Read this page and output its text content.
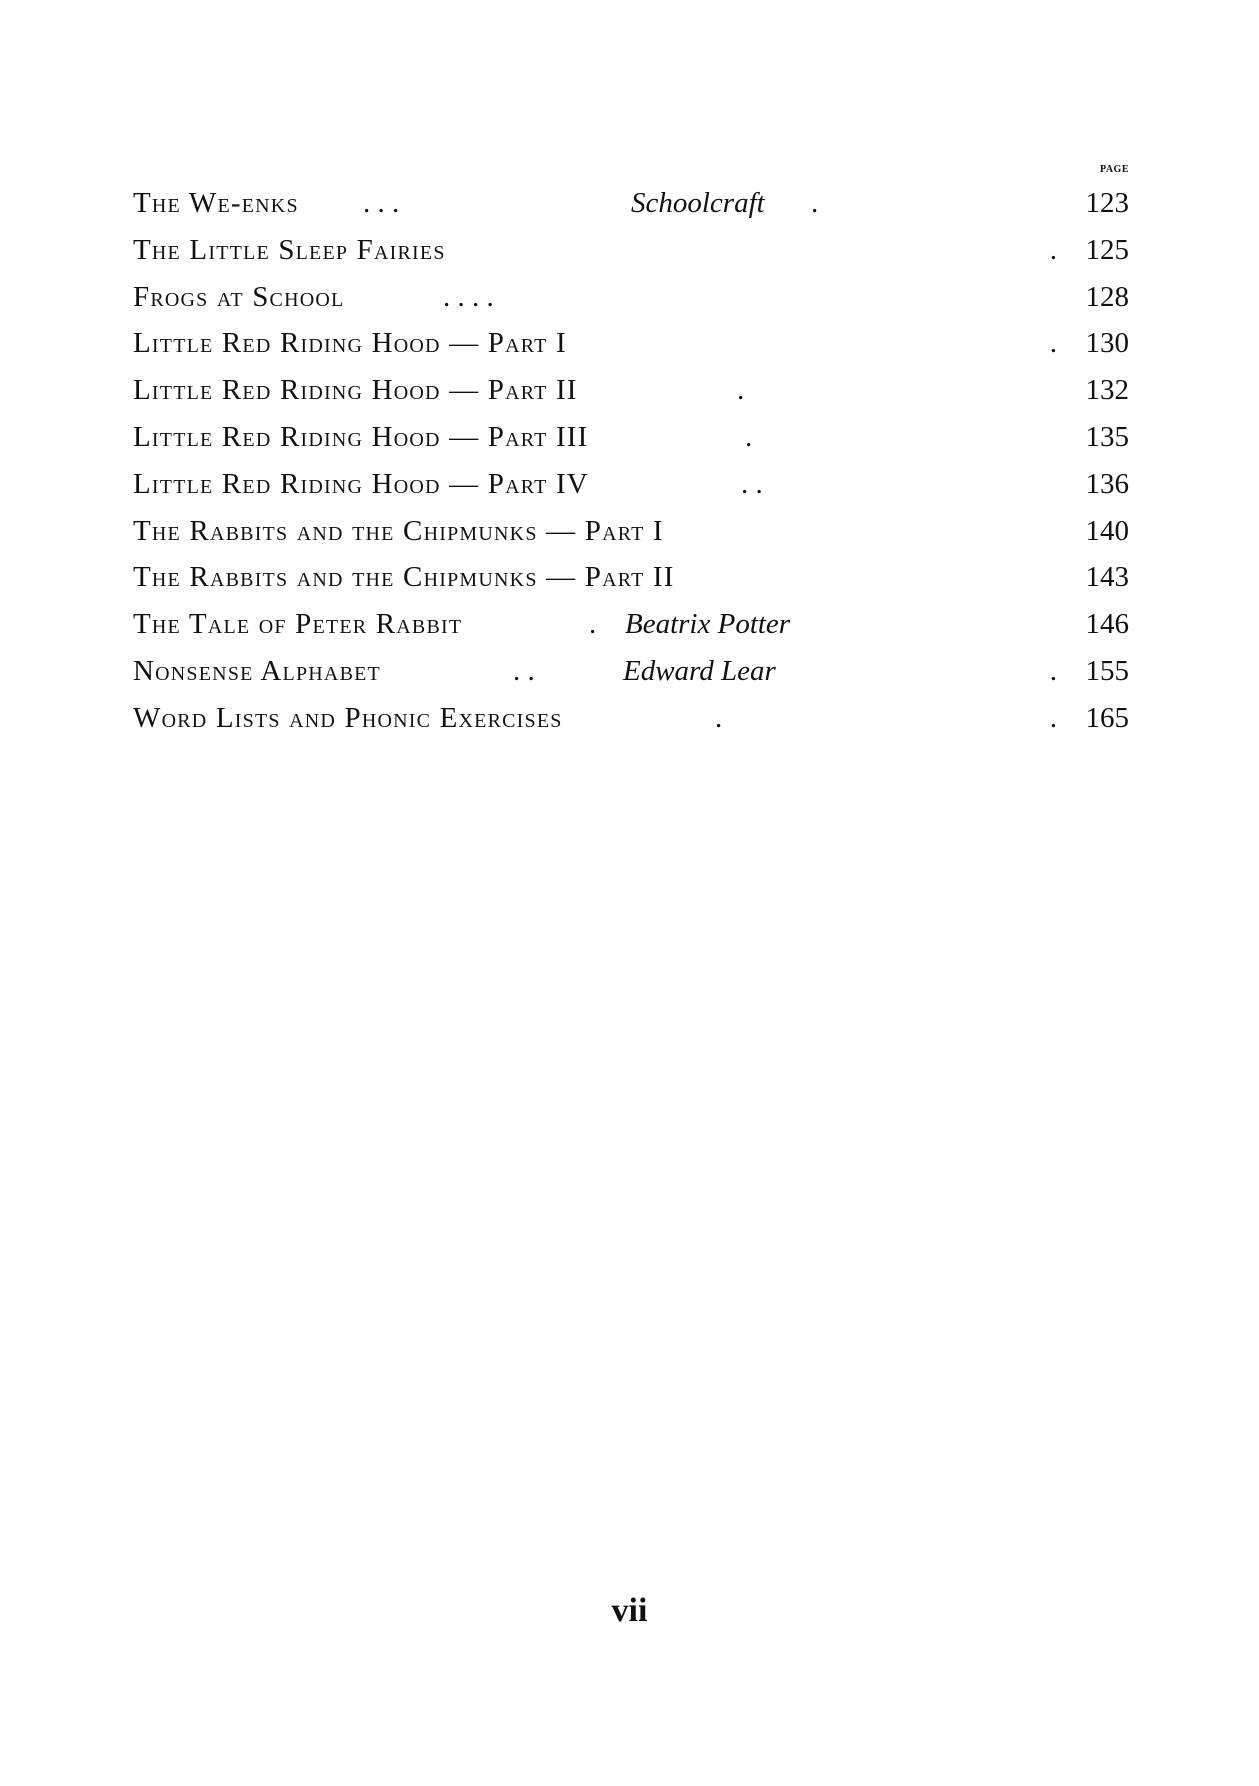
PAGE
The We-enks . . .	Schoolcraft .	123
The Little Sleep Fairies	. 125
Frogs at School	. . . .	128
Little Red Riding Hood — Part I	. 130
Little Red Riding Hood — Part II	.	132
Little Red Riding Hood — Part III	.	135
Little Red Riding Hood — Part IV	. .	136
The Rabbits and the Chipmunks — Part I	140
The Rabbits and the Chipmunks — Part II	143
The Tale of Peter Rabbit	. Beatrix Potter	146
Nonsense Alphabet	. .	Edward Lear	. 155
Word Lists and Phonic Exercises	.	. 165
vii
